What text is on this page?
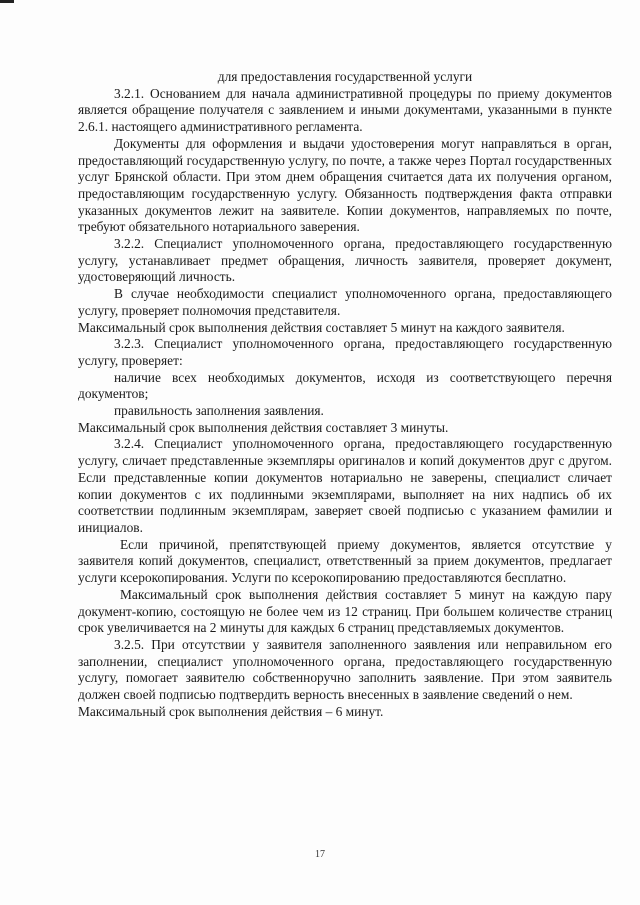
для предоставления государственной услуги

3.2.1. Основанием для начала административной процедуры по приему документов является обращение получателя с заявлением и иными документами, указанными в пункте 2.6.1. настоящего административного регламента.

Документы для оформления и выдачи удостоверения могут направляться в орган, предоставляющий государственную услугу, по почте, а также через Портал государственных услуг Брянской области. При этом днем обращения считается дата их получения органом, предоставляющим государственную услугу. Обязанность подтверждения факта отправки указанных документов лежит на заявителе. Копии документов, направляемых по почте, требуют обязательного нотариального заверения.

3.2.2. Специалист уполномоченного органа, предоставляющего государственную услугу, устанавливает предмет обращения, личность заявителя, проверяет документ, удостоверяющий личность.

В случае необходимости специалист уполномоченного органа, предоставляющего услугу, проверяет полномочия представителя.

Максимальный срок выполнения действия составляет 5 минут на каждого заявителя.

3.2.3. Специалист уполномоченного органа, предоставляющего государственную услугу, проверяет:

наличие всех необходимых документов, исходя из соответствующего перечня документов;

правильность заполнения заявления.

Максимальный срок выполнения действия составляет 3 минуты.

3.2.4. Специалист уполномоченного органа, предоставляющего государственную услугу, сличает представленные экземпляры оригиналов и копий документов друг с другом. Если представленные копии документов нотариально не заверены, специалист сличает копии документов с их подлинными экземплярами, выполняет на них надпись об их соответствии подлинным экземплярам, заверяет своей подписью с указанием фамилии и инициалов.

Если причиной, препятствующей приему документов, является отсутствие у заявителя копий документов, специалист, ответственный за прием документов, предлагает услуги ксерокопирования. Услуги по ксерокопированию предоставляются бесплатно.

Максимальный срок выполнения действия составляет 5 минут на каждую пару документ-копию, состоящую не более чем из 12 страниц. При большем количестве страниц срок увеличивается на 2 минуты для каждых 6 страниц представляемых документов.

3.2.5. При отсутствии у заявителя заполненного заявления или неправильном его заполнении, специалист уполномоченного органа, предоставляющего государственную услугу, помогает заявителю собственноручно заполнить заявление. При этом заявитель должен своей подписью подтвердить верность внесенных в заявление сведений о нем.

Максимальный срок выполнения действия – 6 минут.

17
